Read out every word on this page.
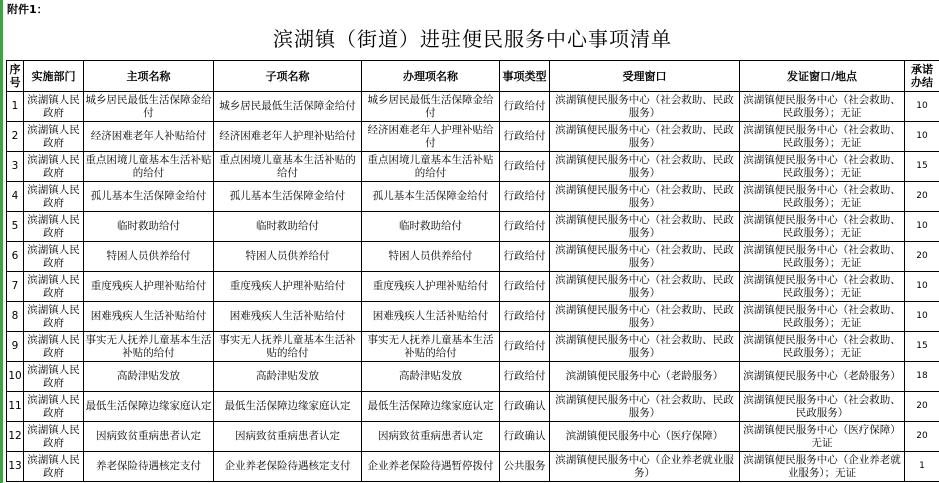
附件1：
滨湖镇（街道）进驻便民服务中心事项清单
序号	实施部门	主项名称	子项名称	办理项名称	事项类型	受理窗口	发证窗口/地点	承诺办结
1	滨湖镇人民政府	城乡居民最低生活保障金给付	城乡居民最低生活保障金给付	城乡居民最低生活保障金给付	行政给付	滨湖镇便民服务中心（社会救助、民政服务）	滨湖镇便民服务中心（社会救助、民政服务）；无证	10
2	滨湖镇人民政府	经济困难老年人补贴给付	经济困难老年人护理补贴给付	经济困难老年人护理补贴给付	行政给付	滨湖镇便民服务中心（社会救助、民政服务）	滨湖镇便民服务中心（社会救助、民政服务）；无证	10
3	滨湖镇人民政府	重点困境儿童基本生活补贴的给付	重点困境儿童基本生活补贴的给付	重点困境儿童基本生活补贴的给付	行政给付	滨湖镇便民服务中心（社会救助、民政服务）	滨湖镇便民服务中心（社会救助、民政服务）；无证	15
4	滨湖镇人民政府	孤儿基本生活保障金给付	孤儿基本生活保障金给付	孤儿基本生活保障金给付	行政给付	滨湖镇便民服务中心（社会救助、民政服务）	滨湖镇便民服务中心（社会救助、民政服务）；无证	20
5	滨湖镇人民政府	临时救助给付	临时救助给付	临时救助给付	行政给付	滨湖镇便民服务中心（社会救助、民政服务）	滨湖镇便民服务中心（社会救助、民政服务）；无证	10
6	滨湖镇人民政府	特困人员供养给付	特困人员供养给付	特困人员供养给付	行政给付	滨湖镇便民服务中心（社会救助、民政服务）	滨湖镇便民服务中心（社会救助、民政服务）；无证	20
7	滨湖镇人民政府	重度残疾人护理补贴给付	重度残疾人护理补贴给付	重度残疾人护理补贴给付	行政给付	滨湖镇便民服务中心（社会救助、民政服务）	滨湖镇便民服务中心（社会救助、民政服务）；无证	10
8	滨湖镇人民政府	困难残疾人生活补贴给付	困难残疾人生活补贴给付	困难残疾人生活补贴给付	行政给付	滨湖镇便民服务中心（社会救助、民政服务）	滨湖镇便民服务中心（社会救助、民政服务）；无证	10
9	滨湖镇人民政府	事实无人抚养儿童基本生活补贴的给付	事实无人抚养儿童基本生活补贴的给付	事实无人抚养儿童基本生活补贴的给付	行政给付	滨湖镇便民服务中心（社会救助、民政服务）	滨湖镇便民服务中心（社会救助、民政服务）；无证	15
10	滨湖镇人民政府	高龄津贴发放	高龄津贴发放	高龄津贴发放	行政给付	滨湖镇便民服务中心（老龄服务）	滨湖镇便民服务中心（老龄服务）	18
11	滨湖镇人民政府	最低生活保障边缘家庭认定	最低生活保障边缘家庭认定	最低生活保障边缘家庭认定	行政确认	滨湖镇便民服务中心（社会救助、民政服务）	滨湖镇便民服务中心（社会救助、民政服务）	20
12	滨湖镇人民政府	因病致贫重病患者认定	因病致贫重病患者认定	因病致贫重病患者认定	行政确认	滨湖镇便民服务中心（医疗保障）	滨湖镇便民服务中心（医疗保障）无证	20
13	滨湖镇人民政府	养老保险待遇核定支付	企业养老保险待遇核定支付	企业养老保险待遇暂停拨付	公共服务	滨湖镇便民服务中心（企业养老就业服务）	滨湖镇便民服务中心（企业养老就业服务）；无证	1
